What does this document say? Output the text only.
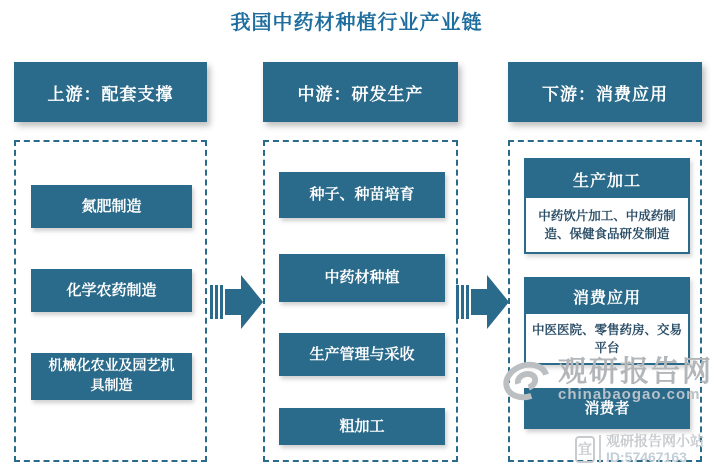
我国中药材种植行业产业链
上游：配套支撑	中游：研发生产	下游：消费应用
氮肥制造
化学农药制造
机械化农业及园艺机具制造
种子、种苗培育
中药材种植
生产管理与采收
粗加工
生产加工
中药饮片加工、中成药制造、保健食品研发制造
消费应用
中医医院、零售药房、交易平台
消费者
观研报告网
chinabaogao.com
宜 观研报告网小站
ID:57467163
